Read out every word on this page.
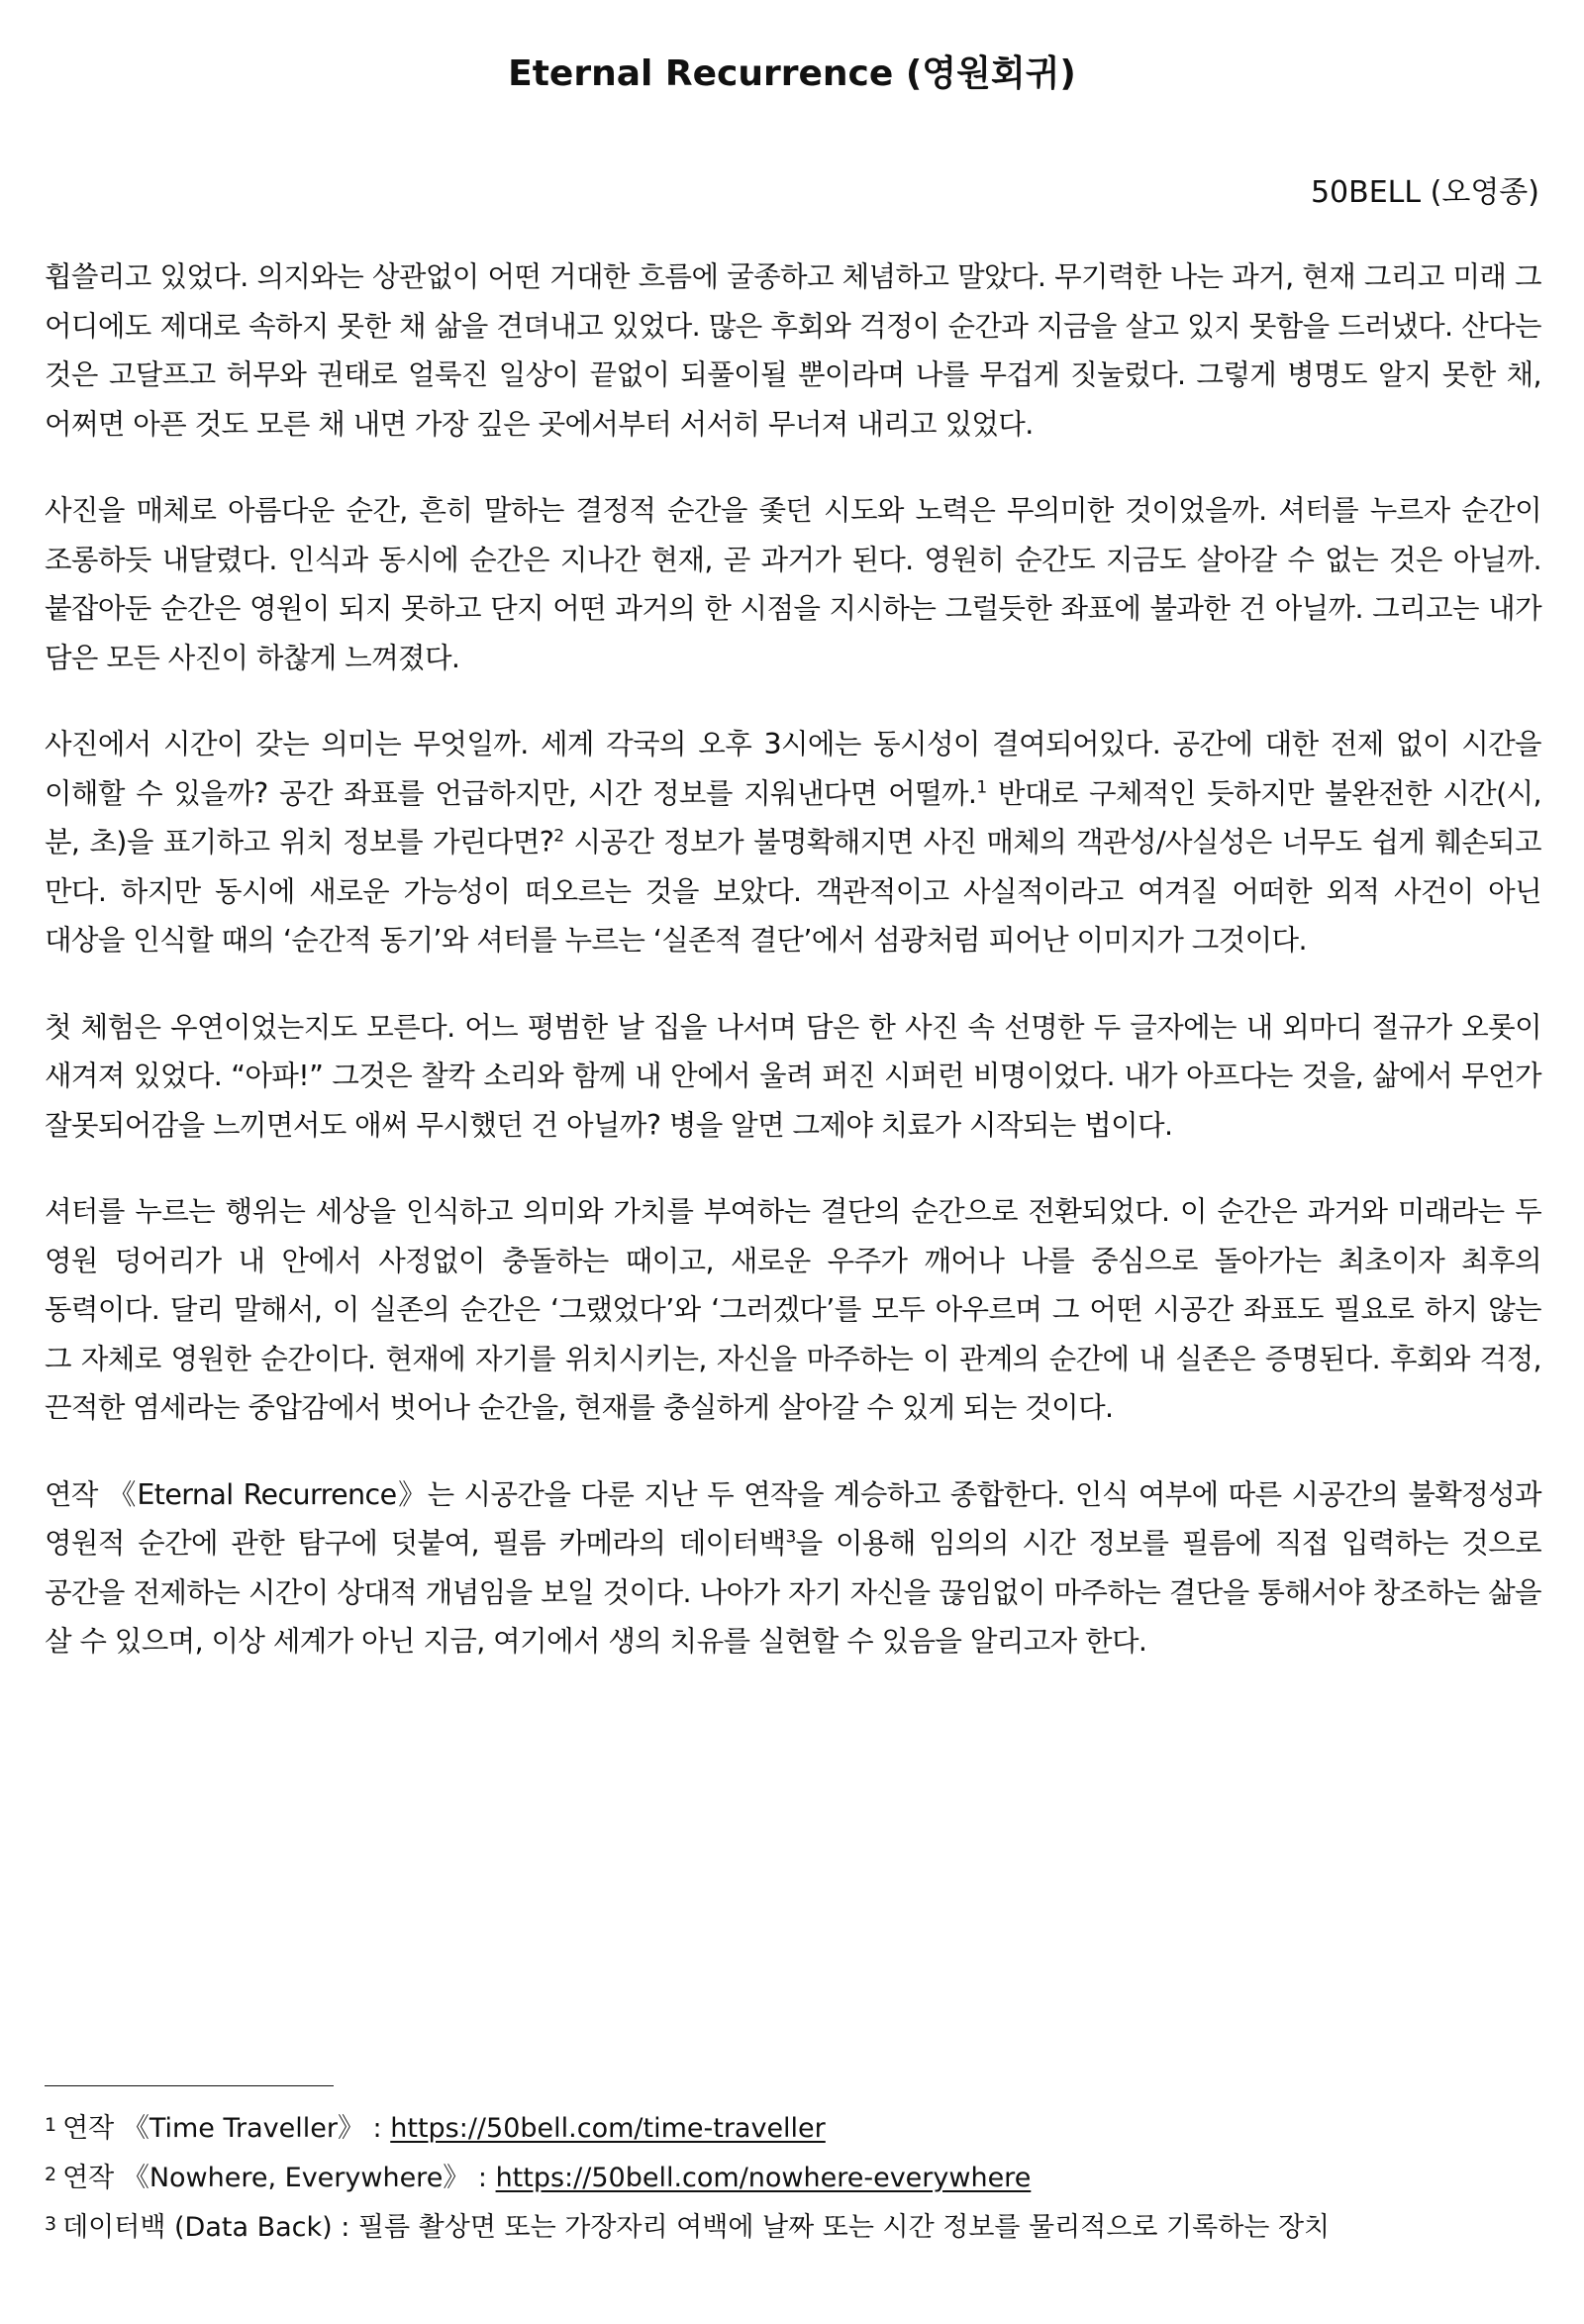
Eternal Recurrence (영원회귀)

50BELL (오영종)

휩쓸리고 있었다. 의지와는 상관없이 어떤 거대한 흐름에 굴종하고 체념하고 말았다. 무기력한 나는 과거, 현재 그리고 미래 그 어디에도 제대로 속하지 못한 채 삶을 견뎌내고 있었다. 많은 후회와 걱정이 순간과 지금을 살고 있지 못함을 드러냈다. 산다는 것은 고달프고 허무와 권태로 얼룩진 일상이 끝없이 되풀이될 뿐이라며 나를 무겁게 짓눌렀다. 그렇게 병명도 알지 못한 채, 어쩌면 아픈 것도 모른 채 내면 가장 깊은 곳에서부터 서서히 무너져 내리고 있었다.

사진을 매체로 아름다운 순간, 흔히 말하는 결정적 순간을 좇던 시도와 노력은 무의미한 것이었을까. 셔터를 누르자 순간이 조롱하듯 내달렸다. 인식과 동시에 순간은 지나간 현재, 곧 과거가 된다. 영원히 순간도 지금도 살아갈 수 없는 것은 아닐까. 붙잡아둔 순간은 영원이 되지 못하고 단지 어떤 과거의 한 시점을 지시하는 그럴듯한 좌표에 불과한 건 아닐까. 그리고는 내가 담은 모든 사진이 하찮게 느껴졌다.

사진에서 시간이 갖는 의미는 무엇일까. 세계 각국의 오후 3시에는 동시성이 결여되어있다. 공간에 대한 전제 없이 시간을 이해할 수 있을까? 공간 좌표를 언급하지만, 시간 정보를 지워낸다면 어떨까.$^1$ 반대로 구체적인 듯하지만 불완전한 시간(시, 분, 초)을 표기하고 위치 정보를 가린다면?$^2$ 시공간 정보가 불명확해지면 사진 매체의 객관성/사실성은 너무도 쉽게 훼손되고 만다. 하지만 동시에 새로운 가능성이 떠오르는 것을 보았다. 객관적이고 사실적이라고 여겨질 어떠한 외적 사건이 아닌 대상을 인식할 때의 ‘순간적 동기’와 셔터를 누르는 ‘실존적 결단’에서 섬광처럼 피어난 이미지가 그것이다.

첫 체험은 우연이었는지도 모른다. 어느 평범한 날 집을 나서며 담은 한 사진 속 선명한 두 글자에는 내 외마디 절규가 오롯이 새겨져 있었다. “아파!” 그것은 찰칵 소리와 함께 내 안에서 울려 퍼진 시퍼런 비명이었다. 내가 아프다는 것을, 삶에서 무언가 잘못되어감을 느끼면서도 애써 무시했던 건 아닐까? 병을 알면 그제야 치료가 시작되는 법이다.

셔터를 누르는 행위는 세상을 인식하고 의미와 가치를 부여하는 결단의 순간으로 전환되었다. 이 순간은 과거와 미래라는 두 영원 덩어리가 내 안에서 사정없이 충돌하는 때이고, 새로운 우주가 깨어나 나를 중심으로 돌아가는 최초이자 최후의 동력이다. 달리 말해서, 이 실존의 순간은 ‘그랬었다’와 ‘그러겠다’를 모두 아우르며 그 어떤 시공간 좌표도 필요로 하지 않는 그 자체로 영원한 순간이다. 현재에 자기를 위치시키는, 자신을 마주하는 이 관계의 순간에 내 실존은 증명된다. 후회와 걱정, 끈적한 염세라는 중압감에서 벗어나 순간을, 현재를 충실하게 살아갈 수 있게 되는 것이다.

연작 《Eternal Recurrence》는 시공간을 다룬 지난 두 연작을 계승하고 종합한다. 인식 여부에 따른 시공간의 불확정성과 영원적 순간에 관한 탐구에 덧붙여, 필름 카메라의 데이터백$^3$을 이용해 임의의 시간 정보를 필름에 직접 입력하는 것으로 공간을 전제하는 시간이 상대적 개념임을 보일 것이다. 나아가 자기 자신을 끊임없이 마주하는 결단을 통해서야 창조하는 삶을 살 수 있으며, 이상 세계가 아닌 지금, 여기에서 생의 치유를 실현할 수 있음을 알리고자 한다.

$^1$ 연작 《Time Traveller》 : https://50bell.com/time-traveller

$^2$ 연작 《Nowhere, Everywhere》 : https://50bell.com/nowhere-everywhere

$^3$ 데이터백 (Data Back) : 필름 촬상면 또는 가장자리 여백에 날짜 또는 시간 정보를 물리적으로 기록하는 장치
